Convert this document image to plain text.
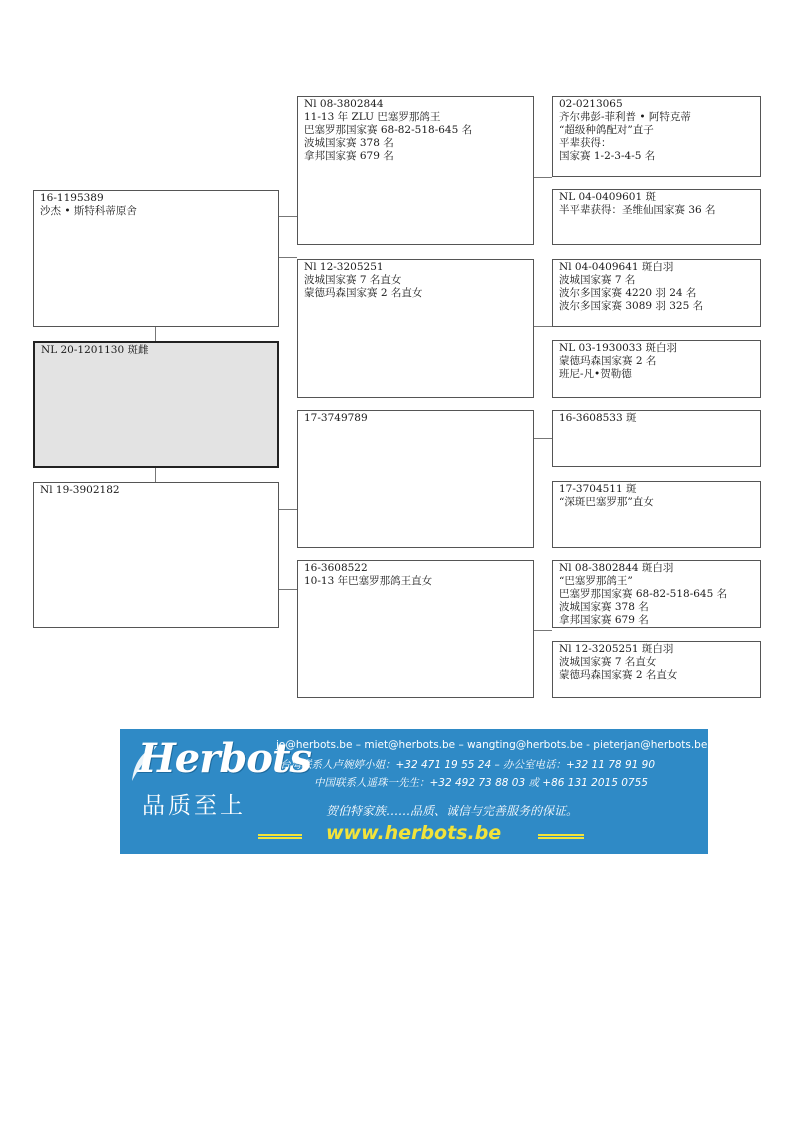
16-1195389
沙杰 • 斯特科蒂原舍
NL 20-1201130 斑雌
Nl 19-3902182
Nl 08-3802844
11-13 年 ZLU 巴塞罗那鸽王
巴塞罗那国家赛 68-82-518-645 名
波城国家赛 378 名
拿邦国家赛 679 名
Nl 12-3205251
波城国家赛 7 名直女
蒙德玛森国家赛 2 名直女
17-3749789
16-3608522
10-13 年巴塞罗那鸽王直女
02-0213065
齐尔弗彭-菲利普 • 阿特克蒂
“超级种鸽配对”直子
平辈获得：
国家赛 1-2-3-4-5 名
NL 04-0409601 斑
半平辈获得：圣维仙国家赛 36 名
Nl 04-0409641 斑白羽
波城国家赛 7 名
波尔多国家赛 4220 羽 24 名
波尔多国家赛 3089 羽 325 名
NL 03-1930033 斑白羽
蒙德玛森国家赛 2 名
班尼-凡•贺勒德
16-3608533 斑
17-3704511 斑
“深斑巴塞罗那”直女
Nl 08-3802844 斑白羽
“巴塞罗那鸽王”
巴塞罗那国家赛 68-82-518-645 名
波城国家赛 378 名
拿邦国家赛 679 名
Nl 12-3205251 斑白羽
波城国家赛 7 名直女
蒙德玛森国家赛 2 名直女
Herbots
品质至上
jo@herbots.be – miet@herbots.be – wangting@herbots.be - pieterjan@herbots.be
台湾联系人卢婉婷小姐：+32 471 19 55 24 – 办公室电话：+32 11 78 91 90
中国联系人遥珠一先生：+32 492 73 88 03 或 +86 131 2015 0755
贺伯特家族……品质、诚信与完善服务的保证。
www.herbots.be
